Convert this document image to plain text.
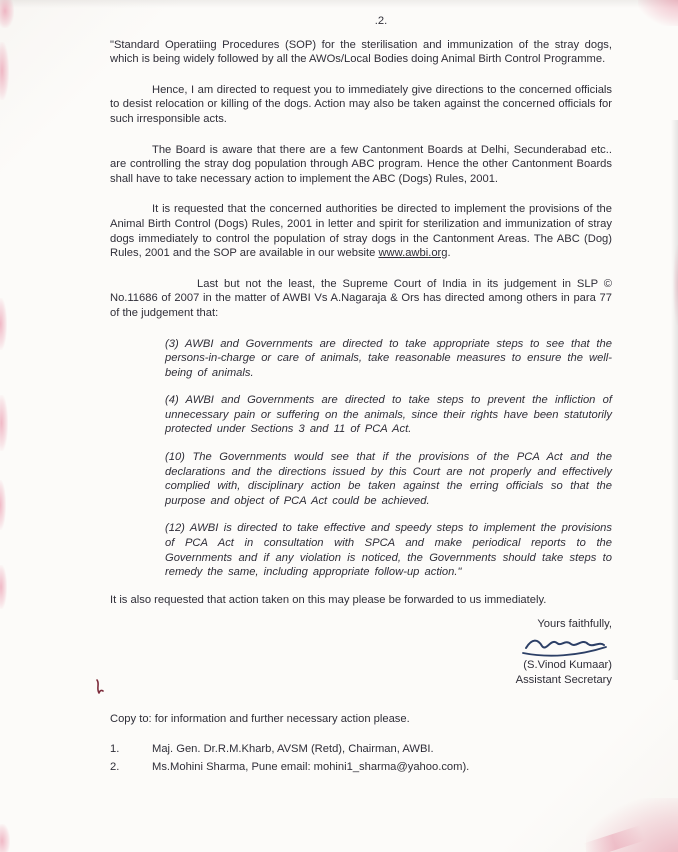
.2.

"Standard Operatiing Procedures (SOP) for the sterilisation and immunization of the stray dogs, which is being widely followed by all the AWOs/Local Bodies doing Animal Birth Control Programme.

Hence, I am directed to request you to immediately give directions to the concerned officials to desist relocation or killing of the dogs. Action may also be taken against the concerned officials for such irresponsible acts.

The Board is aware that there are a few Cantonment Boards at Delhi, Secunderabad etc.. are controlling the stray dog population through ABC program. Hence the other Cantonment Boards shall have to take necessary action to implement the ABC (Dogs) Rules, 2001.

It is requested that the concerned authorities be directed to implement the provisions of the Animal Birth Control (Dogs) Rules, 2001 in letter and spirit for sterilization and immunization of stray dogs immediately to control the population of stray dogs in the Cantonment Areas. The ABC (Dog) Rules, 2001 and the SOP are available in our website www.awbi.org.

Last but not the least, the Supreme Court of India in its judgement in SLP © No.11686 of 2007 in the matter of AWBI Vs A.Nagaraja & Ors has directed among others in para 77 of the judgement that:

(3) AWBI and Governments are directed to take appropriate steps to see that the persons-in-charge or care of animals, take reasonable measures to ensure the well-being of animals.
(4) AWBI and Governments are directed to take steps to prevent the infliction of unnecessary pain or suffering on the animals, since their rights have been statutorily protected under Sections 3 and 11 of PCA Act.
(10) The Governments would see that if the provisions of the PCA Act and the declarations and the directions issued by this Court are not properly and effectively complied with, disciplinary action be taken against the erring officials so that the purpose and object of PCA Act could be achieved.
(12) AWBI is directed to take effective and speedy steps to implement the provisions of PCA Act in consultation with SPCA and make periodical reports to the Governments and if any violation is noticed, the Governments should take steps to remedy the same, including appropriate follow-up action."

It is also requested that action taken on this may please be forwarded to us immediately.

Yours faithfully,
(S.Vinod Kumaar)
Assistant Secretary
Copy to: for information and further necessary action please.
1.	Maj. Gen. Dr.R.M.Kharb, AVSM (Retd), Chairman, AWBI.
2.	Ms.Mohini Sharma, Pune email: mohini1_sharma@yahoo.com).
